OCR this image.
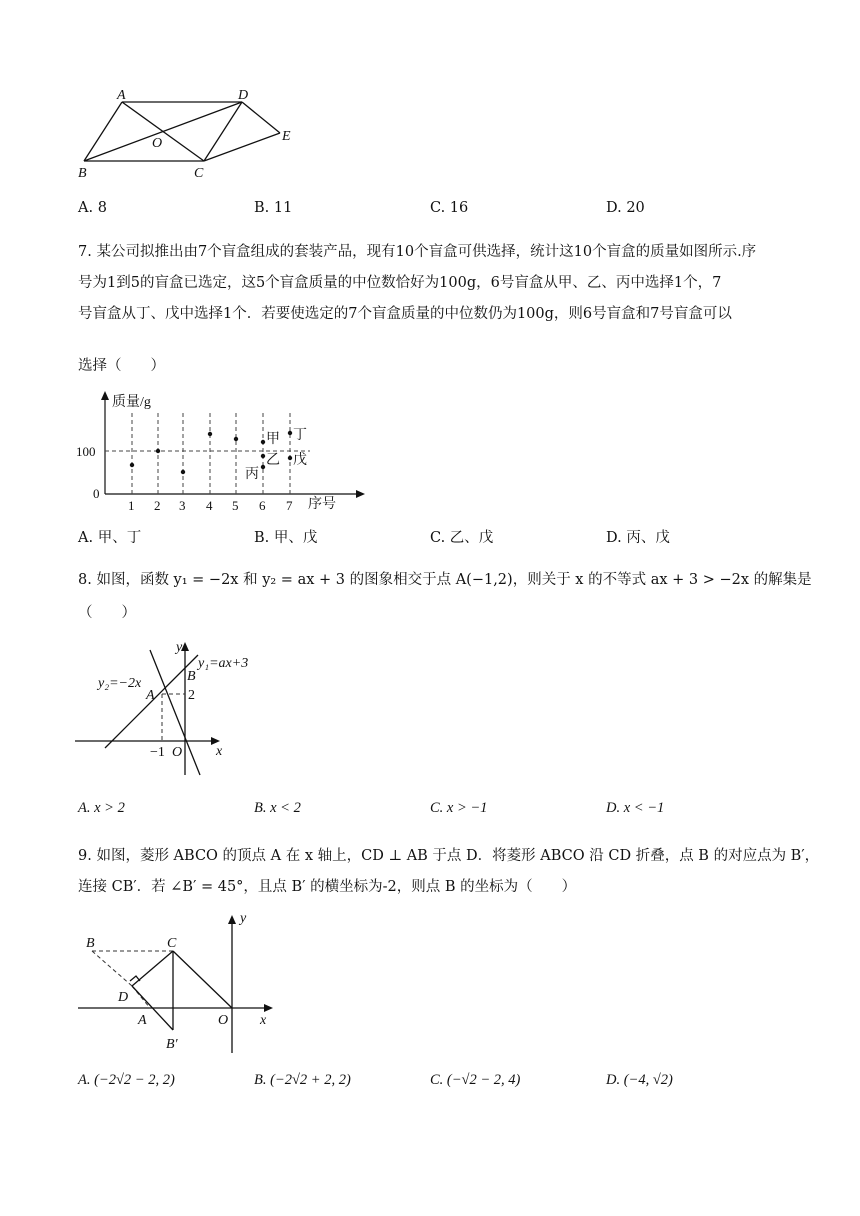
A	D
O	E
B	C
A. 8	B. 11	C. 16	D. 20
7. 某公司拟推出由7个盲盒组成的套装产品，现有10个盲盒可供选择，统计这10个盲盒的质量如图所示.序
号为1到5的盲盒已选定，这5个盲盒质量的中位数恰好为100g，6号盲盒从甲、乙、丙中选择1个，7
号盲盒从丁、戊中选择1个．若要使选定的7个盲盒质量的中位数仍为100g，则6号盲盒和7号盲盒可以
选择（　　）
质量/g
序号
甲
乙
丙
丁
戊
100
0
1 2 3 4 5 6 7
A. 甲、丁	B. 甲、戊	C. 乙、戊	D. 丙、戊
8. 如图，函数 y₁ = −2x 和 y₂ = ax + 3 的图象相交于点 A(−1,2)，则关于 x 的不等式 ax + 3 > −2x 的解集是
（　　）
y
y₁=ax+3
y₂=−2x
A
B
2
−1 O x
A. x > 2	B. x < 2	C. x > −1	D. x < −1
9. 如图，菱形 ABCO 的顶点 A 在 x 轴上，CD ⊥ AB 于点 D．将菱形 ABCO 沿 CD 折叠，点 B 的对应点为 B′，
连接 CB′．若 ∠B′ = 45°，且点 B′ 的横坐标为-2，则点 B 的坐标为（　　）
B	C
D
A	O
B′
x
y
A. (−2√2 − 2, 2)	B. (−2√2 + 2, 2)	C. (−√2 − 2, 4)	D. (−4, √2)
